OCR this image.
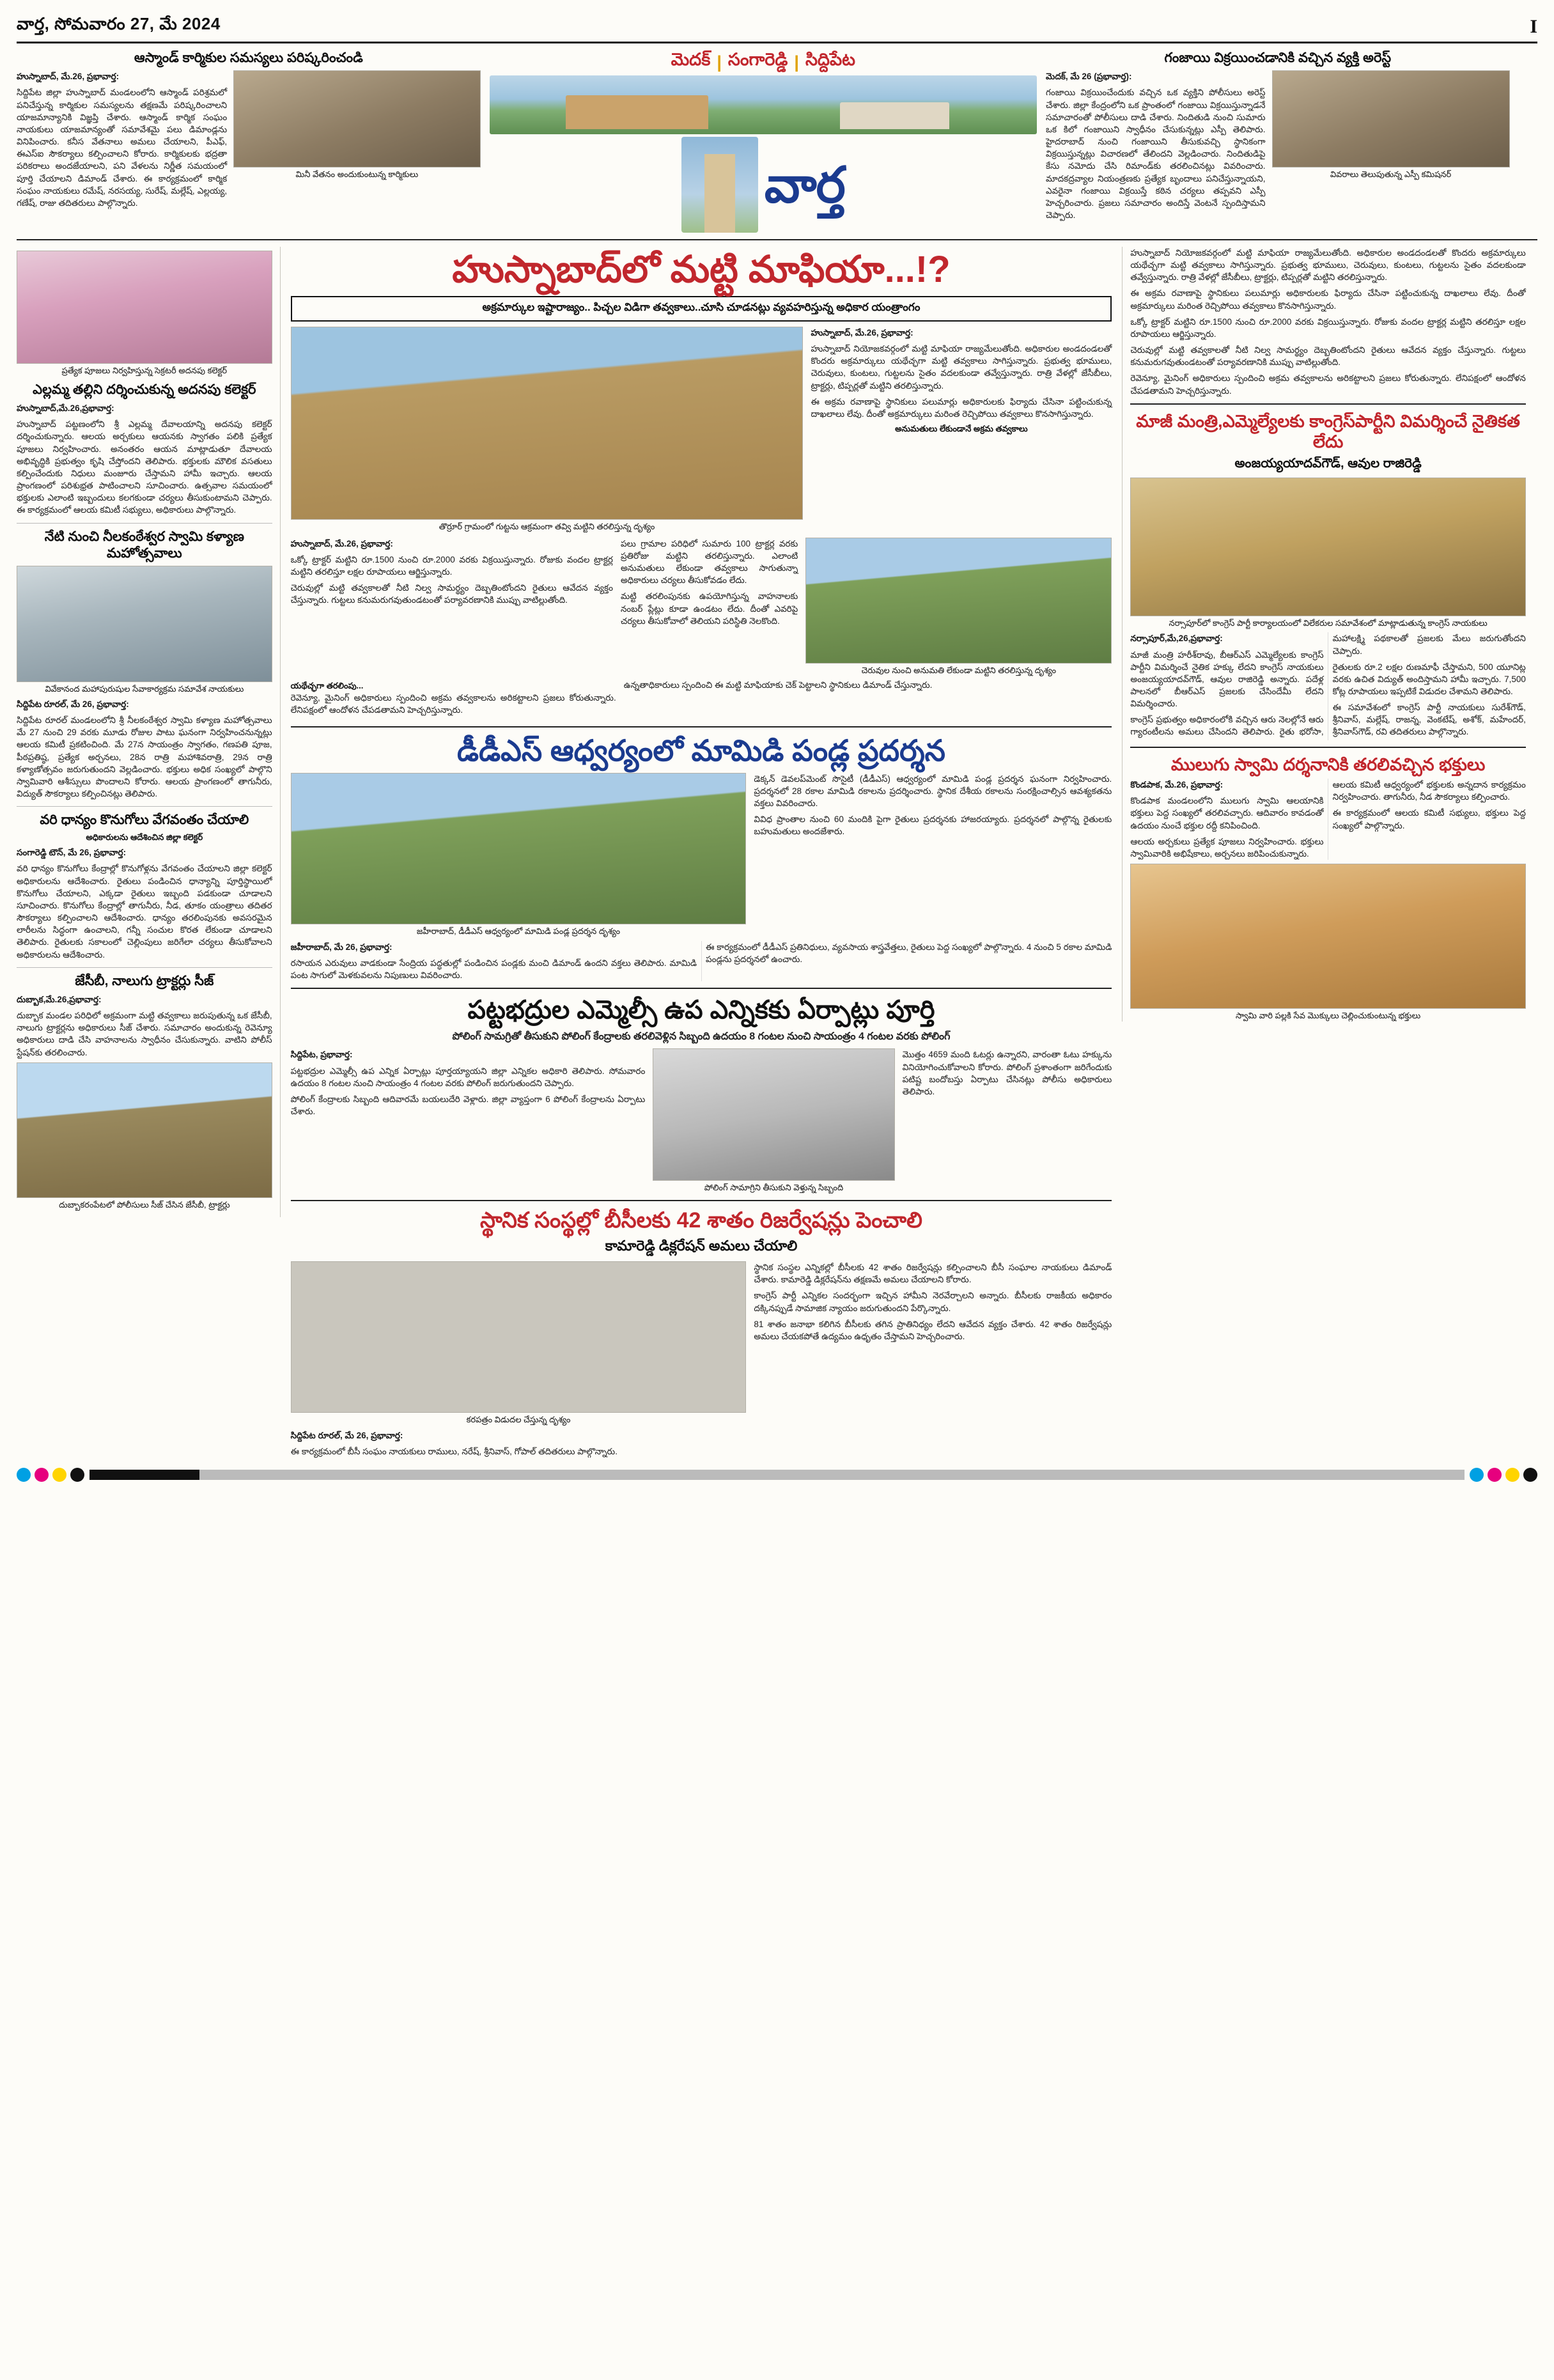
వార్త, సోమవారం 27, మే 2024	I
ఆస్మాండ్ కార్మికుల సమస్యలు పరిష్కరించండి

హుస్నాబాద్, మే.26, ప్రభావార్త:

సిద్దిపేట జిల్లా హుస్నాబాద్ మండలంలోని ఆస్మాండ్ పరిశ్రమలో పనిచేస్తున్న కార్మికుల సమస్యలను తక్షణమే పరిష్కరించాలని యాజమాన్యానికి విజ్ఞప్తి చేశారు. ఆస్మాండ్ కార్మిక సంఘం నాయకులు యాజమాన్యంతో సమావేశమై పలు డిమాండ్లను వినిపించారు. కనీస వేతనాలు అమలు చేయాలని, పీఎఫ్, ఈఎస్ఐ సౌకర్యాలు కల్పించాలని కోరారు. కార్మికులకు భద్రతా పరికరాలు అందజేయాలని, పని వేళలను నిర్ణీత సమయంలో పూర్తి చేయాలని డిమాండ్ చేశారు. ఈ కార్యక్రమంలో కార్మిక సంఘం నాయకులు రమేష్, నరసయ్య, సురేష్, మల్లేష్, ఎల్లయ్య, గణేష్, రాజు తదితరులు పాల్గొన్నారు.

మినీ వేతనం అందుకుంటున్న కార్మికులు
మెదక్ | సంగారెడ్డి | సిద్దిపేట
వార్త
గంజాయి విక్రయించడానికి వచ్చిన వ్యక్తి అరెస్ట్

మెదక్, మే 26 (ప్రభావార్త):

గంజాయి విక్రయించేందుకు వచ్చిన ఒక వ్యక్తిని పోలీసులు అరెస్ట్ చేశారు. జిల్లా కేంద్రంలోని ఒక ప్రాంతంలో గంజాయి విక్రయిస్తున్నాడనే సమాచారంతో పోలీసులు దాడి చేశారు. నిందితుడి నుంచి సుమారు ఒక కిలో గంజాయిని స్వాధీనం చేసుకున్నట్లు ఎస్పీ తెలిపారు. హైదరాబాద్ నుంచి గంజాయిని తీసుకువచ్చి స్థానికంగా విక్రయిస్తున్నట్లు విచారణలో తేలిందని వెల్లడించారు. నిందితుడిపై కేసు నమోదు చేసి రిమాండ్‌కు తరలించినట్లు వివరించారు. మాదకద్రవ్యాల నియంత్రణకు ప్రత్యేక బృందాలు పనిచేస్తున్నాయని, ఎవరైనా గంజాయి విక్రయిస్తే కఠిన చర్యలు తప్పవని ఎస్పీ హెచ్చరించారు. ప్రజలు సమాచారం అందిస్తే వెంటనే స్పందిస్తామని చెప్పారు.

వివరాలు తెలుపుతున్న ఎస్పీ కమిషనర్
ప్రత్యేక పూజలు నిర్వహిస్తున్న సెక్రటరీ అదనపు కలెక్టర్
ఎల్లమ్మ తల్లిని దర్శించుకున్న అదనపు కలెక్టర్

హుస్నాబాద్,మే.26,ప్రభావార్త:

హుస్నాబాద్ పట్టణంలోని శ్రీ ఎల్లమ్మ దేవాలయాన్ని అదనపు కలెక్టర్ దర్శించుకున్నారు. ఆలయ అర్చకులు ఆయనకు స్వాగతం పలికి ప్రత్యేక పూజలు నిర్వహించారు. అనంతరం ఆయన మాట్లాడుతూ దేవాలయ అభివృద్ధికి ప్రభుత్వం కృషి చేస్తోందని తెలిపారు. భక్తులకు మౌలిక వసతులు కల్పించేందుకు నిధులు మంజూరు చేస్తామని హామీ ఇచ్చారు. ఆలయ ప్రాంగణంలో పరిశుభ్రత పాటించాలని సూచించారు. ఉత్సవాల సమయంలో భక్తులకు ఎలాంటి ఇబ్బందులు కలగకుండా చర్యలు తీసుకుంటామని చెప్పారు. ఈ కార్యక్రమంలో ఆలయ కమిటీ సభ్యులు, అధికారులు పాల్గొన్నారు.

నేటి నుంచి నీలకంఠేశ్వర స్వామి కళ్యాణ మహోత్సవాలు
వివేకానంద మహాపురుషుల సేవాకార్యక్రమ సమావేశ నాయకులు

సిద్దిపేట రూరల్, మే 26, ప్రభావార్త:

సిద్దిపేట రూరల్ మండలంలోని శ్రీ నీలకంఠేశ్వర స్వామి కళ్యాణ మహోత్సవాలు మే 27 నుంచి 29 వరకు మూడు రోజుల పాటు ఘనంగా నిర్వహించనున్నట్లు ఆలయ కమిటీ ప్రకటించింది. మే 27న సాయంత్రం స్వాగతం, గణపతి పూజ, పీఠప్రతిష్ఠ, ప్రత్యేక అర్చనలు, 28న రాత్రి మహాశివరాత్రి, 29న రాత్రి కళ్యాణోత్సవం జరుగుతుందని వెల్లడించారు. భక్తులు అధిక సంఖ్యలో పాల్గొని స్వామివారి ఆశీస్సులు పొందాలని కోరారు. ఆలయ ప్రాంగణంలో తాగునీరు, విద్యుత్ సౌకర్యాలు కల్పించినట్లు తెలిపారు.

వరి ధాన్యం కొనుగోలు వేగవంతం చేయాలి
అధికారులను ఆదేశించిన జిల్లా కలెక్టర్

సంగారెడ్డి టౌన్, మే 26, ప్రభావార్త:

వరి ధాన్యం కొనుగోలు కేంద్రాల్లో కొనుగోళ్లను వేగవంతం చేయాలని జిల్లా కలెక్టర్ అధికారులను ఆదేశించారు. రైతులు పండించిన ధాన్యాన్ని పూర్తిస్థాయిలో కొనుగోలు చేయాలని, ఎక్కడా రైతులు ఇబ్బంది పడకుండా చూడాలని సూచించారు. కొనుగోలు కేంద్రాల్లో తాగునీరు, నీడ, తూకం యంత్రాలు తదితర సౌకర్యాలు కల్పించాలని ఆదేశించారు. ధాన్యం తరలింపునకు అవసరమైన లారీలను సిద్ధంగా ఉంచాలని, గన్నీ సంచుల కొరత లేకుండా చూడాలని తెలిపారు. రైతులకు సకాలంలో చెల్లింపులు జరిగేలా చర్యలు తీసుకోవాలని అధికారులను ఆదేశించారు.

జేసీబీ, నాలుగు ట్రాక్టర్లు సీజ్

దుబ్బాక,మే.26,ప్రభావార్త:

దుబ్బాక మండల పరిధిలో అక్రమంగా మట్టి తవ్వకాలు జరుపుతున్న ఒక జేసీబీ, నాలుగు ట్రాక్టర్లను అధికారులు సీజ్ చేశారు. సమాచారం అందుకున్న రెవెన్యూ అధికారులు దాడి చేసి వాహనాలను స్వాధీనం చేసుకున్నారు. వాటిని పోలీస్ స్టేషన్‌కు తరలించారు.

దుబ్బాకరంపేటలో పోలీసులు సీజ్ చేసిన జేసీబీ, ట్రాక్టర్లు
హుస్నాబాద్‌లో మట్టి మాఫియా...!?
అక్రమార్కుల ఇష్టారాజ్యం.. పిచ్చల విడిగా తవ్వకాలు..చూసి చూడనట్లు వ్యవహరిస్తున్న అధికార యంత్రాంగం
తొర్రూర్ గ్రామంలో గుట్టను ఆక్రమంగా తవ్వి మట్టిని తరలిస్తున్న దృశ్యం

హుస్నాబాద్, మే.26, ప్రభావార్త:

హుస్నాబాద్ నియోజకవర్గంలో మట్టి మాఫియా రాజ్యమేలుతోంది. అధికారుల అండదండలతో కొందరు అక్రమార్కులు యథేచ్ఛగా మట్టి తవ్వకాలు సాగిస్తున్నారు. ప్రభుత్వ భూములు, చెరువులు, కుంటలు, గుట్టలను సైతం వదలకుండా తవ్వేస్తున్నారు. రాత్రి వేళల్లో జేసీబీలు, ట్రాక్టర్లు, టిప్పర్లతో మట్టిని తరలిస్తున్నారు.

ఈ అక్రమ రవాణాపై స్థానికులు పలుమార్లు అధికారులకు ఫిర్యాదు చేసినా పట్టించుకున్న దాఖలాలు లేవు. దీంతో అక్రమార్కులు మరింత రెచ్చిపోయి తవ్వకాలు కొనసాగిస్తున్నారు.

అనుమతులు లేకుండానే అక్రమ తవ్వకాలు

హుస్నాబాద్, మే.26, ప్రభావార్త:

ఒక్కో ట్రాక్టర్ మట్టిని రూ.1500 నుంచి రూ.2000 వరకు విక్రయిస్తున్నారు. రోజుకు వందల ట్రాక్టర్ల మట్టిని తరలిస్తూ లక్షల రూపాయలు ఆర్జిస్తున్నారు.

చెరువుల్లో మట్టి తవ్వకాలతో నీటి నిల్వ సామర్థ్యం దెబ్బతింటోందని రైతులు ఆవేదన వ్యక్తం చేస్తున్నారు. గుట్టలు కనుమరుగవుతుండటంతో పర్యావరణానికి ముప్పు వాటిల్లుతోంది.

పలు గ్రామాల పరిధిలో సుమారు 100 ట్రాక్టర్ల వరకు ప్రతిరోజు మట్టిని తరలిస్తున్నారు. ఎలాంటి అనుమతులు లేకుండా తవ్వకాలు సాగుతున్నా అధికారులు చర్యలు తీసుకోవడం లేదు.

మట్టి తరలింపునకు ఉపయోగిస్తున్న వాహనాలకు నంబర్ ప్లేట్లు కూడా ఉండటం లేదు. దీంతో ఎవరిపై చర్యలు తీసుకోవాలో తెలియని పరిస్థితి నెలకొంది.

చెరువుల నుంచి అనుమతి లేకుండా మట్టిని తరలిస్తున్న దృశ్యం
యథేచ్ఛగా తరలింపు...

రెవెన్యూ, మైనింగ్ అధికారులు స్పందించి అక్రమ తవ్వకాలను అరికట్టాలని ప్రజలు కోరుతున్నారు. లేనిపక్షంలో ఆందోళన చేపడతామని హెచ్చరిస్తున్నారు.

ఉన్నతాధికారులు స్పందించి ఈ మట్టి మాఫియాకు చెక్ పెట్టాలని స్థానికులు డిమాండ్ చేస్తున్నారు.

డీడీఎస్ ఆధ్వర్యంలో మామిడి పండ్ల ప్రదర్శన
జహీరాబాద్, డీడీఎస్ ఆధ్వర్యంలో మామిడి పండ్ల ప్రదర్శన దృశ్యం

డెక్కన్ డెవలప్‌మెంట్ సొసైటీ (డీడీఎస్) ఆధ్వర్యంలో మామిడి పండ్ల ప్రదర్శన ఘనంగా నిర్వహించారు. ప్రదర్శనలో 28 రకాల మామిడి రకాలను ప్రదర్శించారు. స్థానిక దేశీయ రకాలను సంరక్షించాల్సిన ఆవశ్యకతను వక్తలు వివరించారు.

వివిధ ప్రాంతాల నుంచి 60 మందికి పైగా రైతులు ప్రదర్శనకు హాజరయ్యారు. ప్రదర్శనలో పాల్గొన్న రైతులకు బహుమతులు అందజేశారు.

జహీరాబాద్, మే 26, ప్రభావార్త:

రసాయన ఎరువులు వాడకుండా సేంద్రియ పద్ధతుల్లో పండించిన పండ్లకు మంచి డిమాండ్ ఉందని వక్తలు తెలిపారు. మామిడి పంట సాగులో మెళకువలను నిపుణులు వివరించారు.

ఈ కార్యక్రమంలో డీడీఎస్ ప్రతినిధులు, వ్యవసాయ శాస్త్రవేత్తలు, రైతులు పెద్ద సంఖ్యలో పాల్గొన్నారు. 4 నుంచి 5 రకాల మామిడి పండ్లను ప్రదర్శనలో ఉంచారు.

పట్టభద్రుల ఎమ్మెల్సీ ఉప ఎన్నికకు ఏర్పాట్లు పూర్తి
పోలింగ్ సామగ్రితో తీసుకుని పోలింగ్ కేంద్రాలకు తరలివెళ్లిన సిబ్బంది ఉదయం 8 గంటల నుంచి సాయంత్రం 4 గంటల వరకు పోలింగ్

సిద్దిపేట, ప్రభావార్త:

పట్టభద్రుల ఎమ్మెల్సీ ఉప ఎన్నిక ఏర్పాట్లు పూర్తయ్యాయని జిల్లా ఎన్నికల అధికారి తెలిపారు. సోమవారం ఉదయం 8 గంటల నుంచి సాయంత్రం 4 గంటల వరకు పోలింగ్ జరుగుతుందని చెప్పారు.

పోలింగ్ కేంద్రాలకు సిబ్బంది ఆదివారమే బయలుదేరి వెళ్లారు. జిల్లా వ్యాప్తంగా 6 పోలింగ్ కేంద్రాలను ఏర్పాటు చేశారు.

పోలింగ్ సామాగ్రిని తీసుకుని వెళ్తున్న సిబ్బంది

మొత్తం 4659 మంది ఓటర్లు ఉన్నారని, వారంతా ఓటు హక్కును వినియోగించుకోవాలని కోరారు. పోలింగ్ ప్రశాంతంగా జరిగేందుకు పటిష్ట బందోబస్తు ఏర్పాటు చేసినట్లు పోలీసు అధికారులు తెలిపారు.

స్థానిక సంస్థల్లో బీసీలకు 42 శాతం రిజర్వేషన్లు పెంచాలి
కామారెడ్డి డిక్లరేషన్ అమలు చేయాలి
కరపత్రం విడుదల చేస్తున్న దృశ్యం

సిద్దిపేట రూరల్, మే 26, ప్రభావార్త:

ఈ కార్యక్రమంలో బీసీ సంఘం నాయకులు రాములు, నరేష్, శ్రీనివాస్, గోపాల్ తదితరులు పాల్గొన్నారు.

స్థానిక సంస్థల ఎన్నికల్లో బీసీలకు 42 శాతం రిజర్వేషన్లు కల్పించాలని బీసీ సంఘాల నాయకులు డిమాండ్ చేశారు. కామారెడ్డి డిక్లరేషన్‌ను తక్షణమే అమలు చేయాలని కోరారు.

కాంగ్రెస్ పార్టీ ఎన్నికల సందర్భంగా ఇచ్చిన హామీని నెరవేర్చాలని అన్నారు. బీసీలకు రాజకీయ అధికారం దక్కినప్పుడే సామాజిక న్యాయం జరుగుతుందని పేర్కొన్నారు.

81 శాతం జనాభా కలిగిన బీసీలకు తగిన ప్రాతినిధ్యం లేదని ఆవేదన వ్యక్తం చేశారు. 42 శాతం రిజర్వేషన్లు అమలు చేయకపోతే ఉద్యమం ఉధృతం చేస్తామని హెచ్చరించారు.

హుస్నాబాద్ నియోజకవర్గంలో మట్టి మాఫియా రాజ్యమేలుతోంది. అధికారుల అండదండలతో కొందరు అక్రమార్కులు యథేచ్ఛగా మట్టి తవ్వకాలు సాగిస్తున్నారు. ప్రభుత్వ భూములు, చెరువులు, కుంటలు, గుట్టలను సైతం వదలకుండా తవ్వేస్తున్నారు. రాత్రి వేళల్లో జేసీబీలు, ట్రాక్టర్లు, టిప్పర్లతో మట్టిని తరలిస్తున్నారు.

ఈ అక్రమ రవాణాపై స్థానికులు పలుమార్లు అధికారులకు ఫిర్యాదు చేసినా పట్టించుకున్న దాఖలాలు లేవు. దీంతో అక్రమార్కులు మరింత రెచ్చిపోయి తవ్వకాలు కొనసాగిస్తున్నారు.

ఒక్కో ట్రాక్టర్ మట్టిని రూ.1500 నుంచి రూ.2000 వరకు విక్రయిస్తున్నారు. రోజుకు వందల ట్రాక్టర్ల మట్టిని తరలిస్తూ లక్షల రూపాయలు ఆర్జిస్తున్నారు.

చెరువుల్లో మట్టి తవ్వకాలతో నీటి నిల్వ సామర్థ్యం దెబ్బతింటోందని రైతులు ఆవేదన వ్యక్తం చేస్తున్నారు. గుట్టలు కనుమరుగవుతుండటంతో పర్యావరణానికి ముప్పు వాటిల్లుతోంది.

రెవెన్యూ, మైనింగ్ అధికారులు స్పందించి అక్రమ తవ్వకాలను అరికట్టాలని ప్రజలు కోరుతున్నారు. లేనిపక్షంలో ఆందోళన చేపడతామని హెచ్చరిస్తున్నారు.

మాజీ మంత్రి,ఎమ్మెల్యేలకు కాంగ్రెస్‌పార్టీని విమర్శించే నైతికత లేదు
అంజయ్యయాదవ్‌గౌడ్, ఆవుల రాజిరెడ్డి
నర్సాపూర్‌లో కాంగ్రెస్ పార్టీ కార్యాలయంలో విలేకరుల సమావేశంలో మాట్లాడుతున్న కాంగ్రెస్ నాయకులు

నర్సాపూర్,మే,26,ప్రభావార్త:

మాజీ మంత్రి హరీశ్‌రావు, బీఆర్ఎస్ ఎమ్మెల్యేలకు కాంగ్రెస్ పార్టీని విమర్శించే నైతిక హక్కు లేదని కాంగ్రెస్ నాయకులు అంజయ్యయాదవ్‌గౌడ్, ఆవుల రాజిరెడ్డి అన్నారు. పదేళ్ల పాలనలో బీఆర్ఎస్ ప్రజలకు చేసిందేమీ లేదని విమర్శించారు.

కాంగ్రెస్ ప్రభుత్వం అధికారంలోకి వచ్చిన ఆరు నెలల్లోనే ఆరు గ్యారంటీలను అమలు చేసిందని తెలిపారు. రైతు భరోసా, మహాలక్ష్మి పథకాలతో ప్రజలకు మేలు జరుగుతోందని చెప్పారు.

రైతులకు రూ.2 లక్షల రుణమాఫీ చేస్తామని, 500 యూనిట్ల వరకు ఉచిత విద్యుత్ అందిస్తామని హామీ ఇచ్చారు. 7,500 కోట్ల రూపాయలు ఇప్పటికే విడుదల చేశామని తెలిపారు.

ఈ సమావేశంలో కాంగ్రెస్ పార్టీ నాయకులు సురేశ్‌గౌడ్, శ్రీనివాస్, మల్లేష్, రాజన్న, వెంకటేష్, అశోక్, మహేందర్, శ్రీనివాస్‌గౌడ్, రవి తదితరులు పాల్గొన్నారు.

ములుగు స్వామి దర్శనానికి తరలివచ్చిన భక్తులు

కొండపాక, మే.26, ప్రభావార్త:

కొండపాక మండలంలోని ములుగు స్వామి ఆలయానికి భక్తులు పెద్ద సంఖ్యలో తరలివచ్చారు. ఆదివారం కావడంతో ఉదయం నుంచే భక్తుల రద్దీ కనిపించింది.

ఆలయ అర్చకులు ప్రత్యేక పూజలు నిర్వహించారు. భక్తులు స్వామివారికి అభిషేకాలు, అర్చనలు జరిపించుకున్నారు.

ఆలయ కమిటీ ఆధ్వర్యంలో భక్తులకు అన్నదాన కార్యక్రమం నిర్వహించారు. తాగునీరు, నీడ సౌకర్యాలు కల్పించారు.

ఈ కార్యక్రమంలో ఆలయ కమిటీ సభ్యులు, భక్తులు పెద్ద సంఖ్యలో పాల్గొన్నారు.

స్వామి వారి పల్లకి సేవ మొక్కులు చెల్లించుకుంటున్న భక్తులు
